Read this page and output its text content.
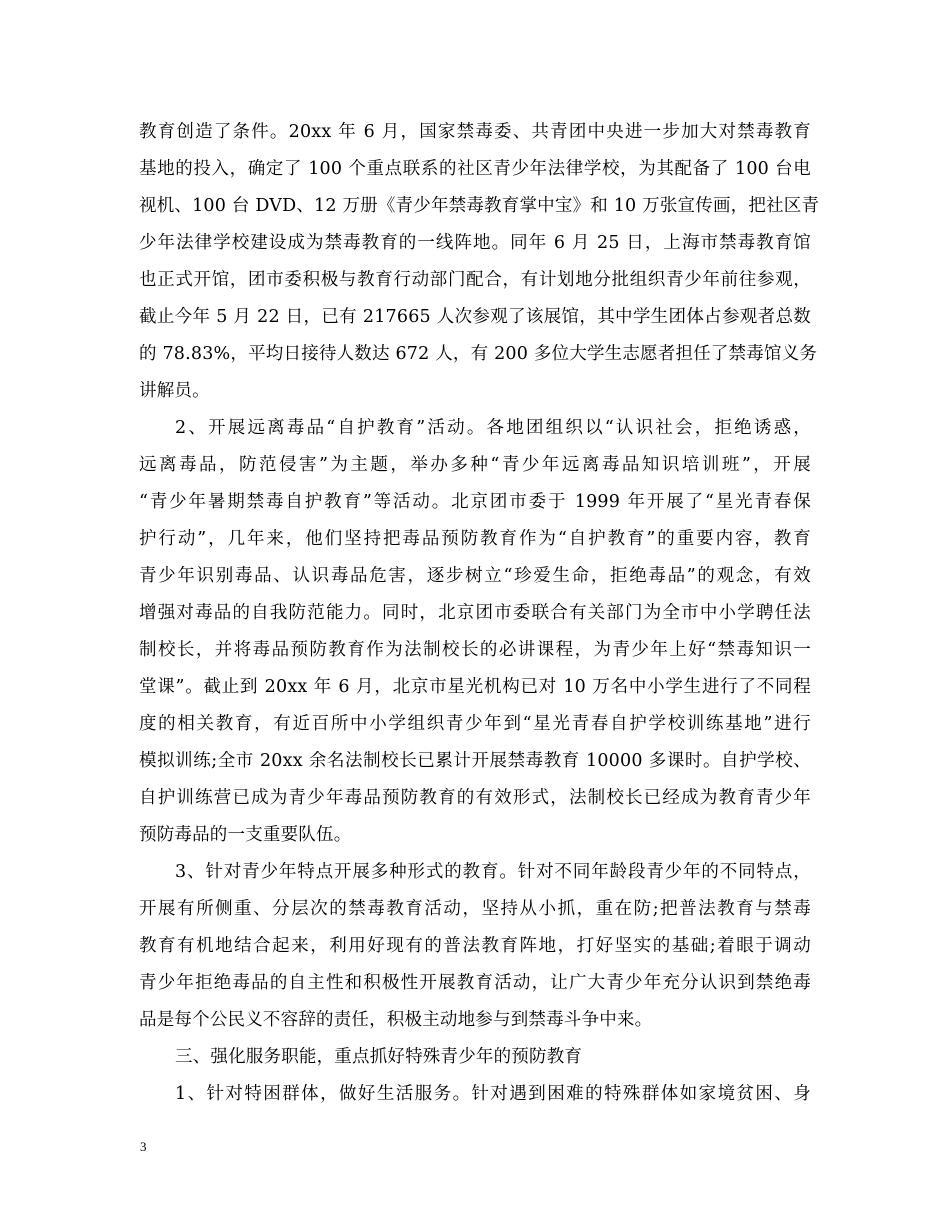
教育创造了条件。20xx 年 6 月，国家禁毒委、共青团中央进一步加大对禁毒教育
基地的投入，确定了 100 个重点联系的社区青少年法律学校，为其配备了 100 台电
视机、100 台 DVD、12 万册《青少年禁毒教育掌中宝》和 10 万张宣传画，把社区青
少年法律学校建设成为禁毒教育的一线阵地。同年 6 月 25 日，上海市禁毒教育馆
也正式开馆，团市委积极与教育行动部门配合，有计划地分批组织青少年前往参观，
截止今年 5 月 22 日，已有 217665 人次参观了该展馆，其中学生团体占参观者总数
的 78.83%，平均日接待人数达 672 人，有 200 多位大学生志愿者担任了禁毒馆义务
讲解员。
2、开展远离毒品“自护教育”活动。各地团组织以“认识社会，拒绝诱惑，
远离毒品，防范侵害”为主题，举办多种“青少年远离毒品知识培训班”，开展
“青少年暑期禁毒自护教育”等活动。北京团市委于 1999 年开展了“星光青春保
护行动”，几年来，他们坚持把毒品预防教育作为“自护教育”的重要内容，教育
青少年识别毒品、认识毒品危害，逐步树立“珍爱生命，拒绝毒品”的观念，有效
增强对毒品的自我防范能力。同时，北京团市委联合有关部门为全市中小学聘任法
制校长，并将毒品预防教育作为法制校长的必讲课程，为青少年上好“禁毒知识一
堂课”。截止到 20xx 年 6 月，北京市星光机构已对 10 万名中小学生进行了不同程
度的相关教育，有近百所中小学组织青少年到“星光青春自护学校训练基地”进行
模拟训练;全市 20xx 余名法制校长已累计开展禁毒教育 10000 多课时。自护学校、
自护训练营已成为青少年毒品预防教育的有效形式，法制校长已经成为教育青少年
预防毒品的一支重要队伍。
3、针对青少年特点开展多种形式的教育。针对不同年龄段青少年的不同特点，
开展有所侧重、分层次的禁毒教育活动，坚持从小抓，重在防;把普法教育与禁毒
教育有机地结合起来，利用好现有的普法教育阵地，打好坚实的基础;着眼于调动
青少年拒绝毒品的自主性和积极性开展教育活动，让广大青少年充分认识到禁绝毒
品是每个公民义不容辞的责任，积极主动地参与到禁毒斗争中来。
三、强化服务职能，重点抓好特殊青少年的预防教育
1、针对特困群体，做好生活服务。针对遇到困难的特殊群体如家境贫困、身
3
